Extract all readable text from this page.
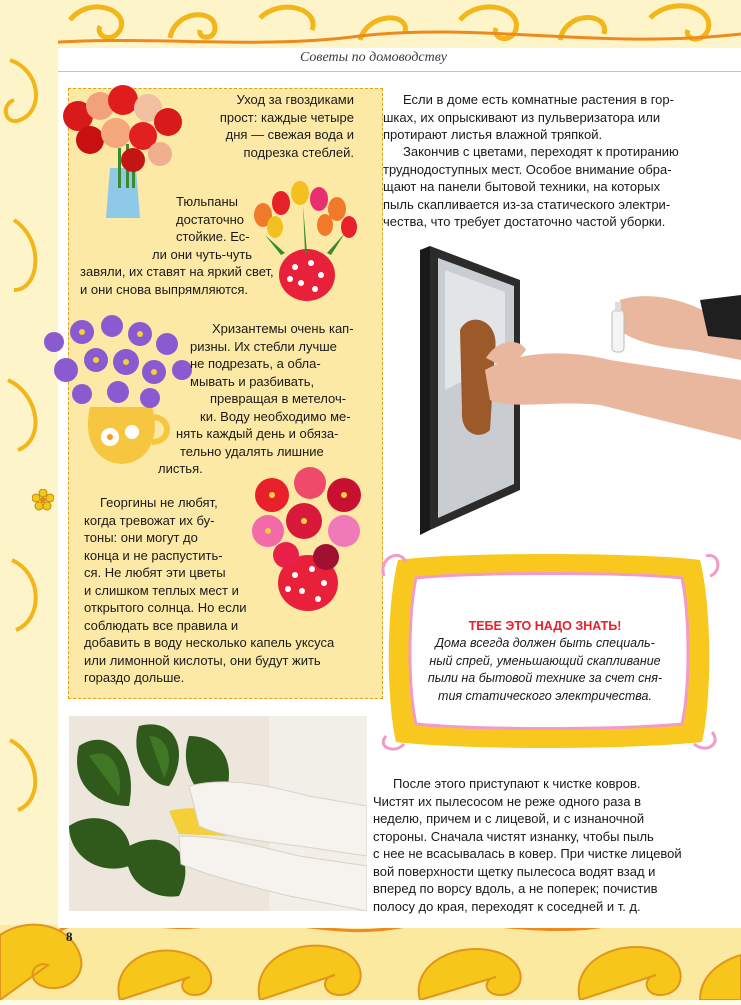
Советы по домоводству
Уход за гвоздиками
прост: каждые четыре
дня — свежая вода и
подрезка стеблей.
Тюльпаны
достаточно
стойкие. Ес-
ли они чуть-чуть
завяли, их ставят на яркий свет,
и они снова выпрямляются.
Хризантемы очень кап-
ризны. Их стебли лучше
не подрезать, а обла-
мывать и разбивать,
превращая в метелоч-
ки. Воду необходимо ме-
нять каждый день и обяза-
тельно удалять лишние
листья.
Георгины не любят,
когда тревожат их бу-
тоны: они могут до
конца и не распустить-
ся. Не любят эти цветы
и слишком теплых мест и
открытого солнца. Но если
соблюдать все правила и
добавить в воду несколько капель уксуса
или лимонной кислоты, они будут жить
гораздо дольше.
Если в доме есть комнатные растения в гор-
шках, их опрыскивают из пульверизатора или
протирают листья влажной тряпкой.
Закончив с цветами, переходят к протиранию
труднодоступных мест. Особое внимание обра-
щают на панели бытовой техники, на которых
пыль скапливается из-за статического электри-
чества, что требует достаточно частой уборки.
ТЕБЕ ЭТО НАДО ЗНАТЬ!
Дома всегда должен быть специаль-
ный спрей, уменьшающий скапливание
пыли на бытовой технике за счет сня-
тия статического электричества.
После этого приступают к чистке ковров.
Чистят их пылесосом не реже одного раза в
неделю, причем и с лицевой, и с изнаночной
стороны. Сначала чистят изнанку, чтобы пыль
с нее не всасывалась в ковер. При чистке лицевой
вой поверхности щетку пылесоса водят взад и
вперед по ворсу вдоль, а не поперек; почистив
полосу до края, переходят к соседней и т. д.
8
